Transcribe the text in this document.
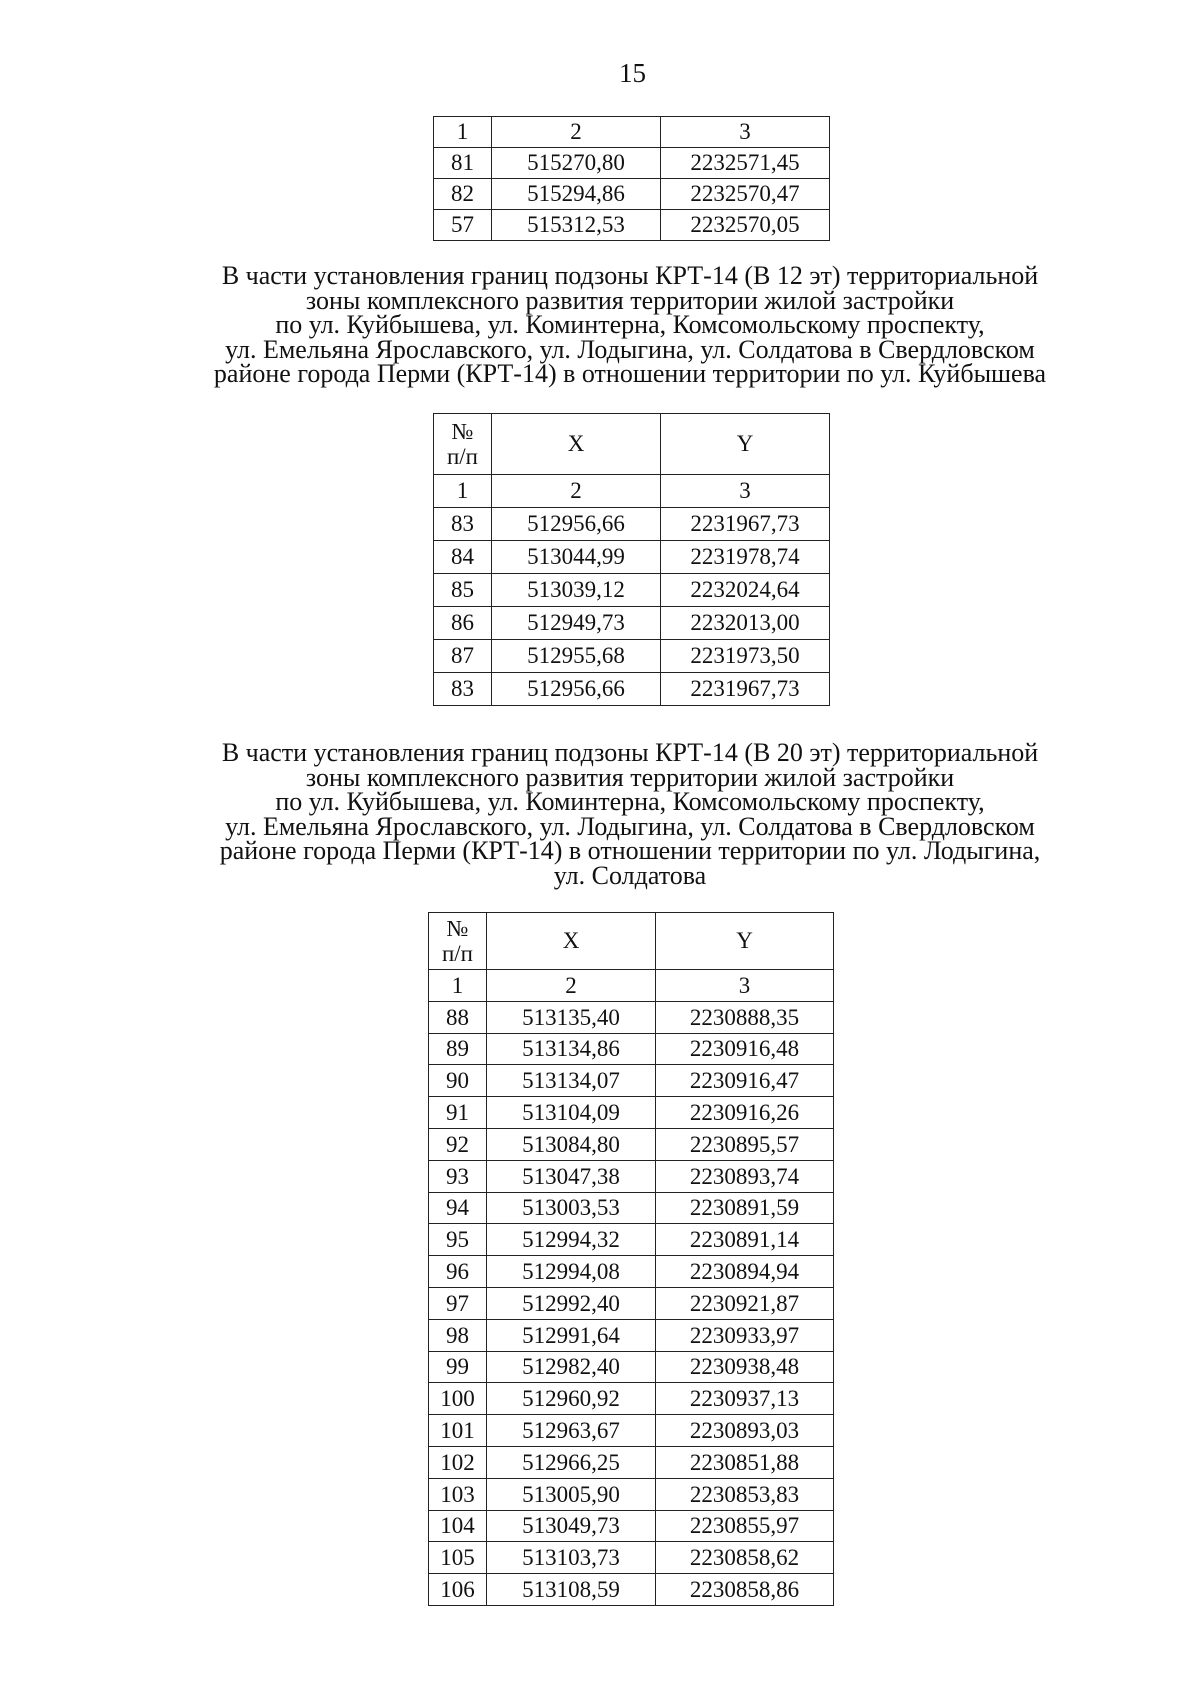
15
1	2	3
81	515270,80	2232571,45
82	515294,86	2232570,47
57	515312,53	2232570,05
В части установления границ подзоны КРТ-14 (В 12 эт) территориальной
зоны комплексного развития территории жилой застройки
по ул. Куйбышева, ул. Коминтерна, Комсомольскому проспекту,
ул. Емельяна Ярославского, ул. Лодыгина, ул. Солдатова в Свердловском
районе города Перми (КРТ-14) в отношении территории по ул. Куйбышева
№
п/п	X	Y
1	2	3
83	512956,66	2231967,73
84	513044,99	2231978,74
85	513039,12	2232024,64
86	512949,73	2232013,00
87	512955,68	2231973,50
83	512956,66	2231967,73
В части установления границ подзоны КРТ-14 (В 20 эт) территориальной
зоны комплексного развития территории жилой застройки
по ул. Куйбышева, ул. Коминтерна, Комсомольскому проспекту,
ул. Емельяна Ярославского, ул. Лодыгина, ул. Солдатова в Свердловском
районе города Перми (КРТ-14) в отношении территории по ул. Лодыгина,
ул. Солдатова
№
п/п	X	Y
1	2	3
88	513135,40	2230888,35
89	513134,86	2230916,48
90	513134,07	2230916,47
91	513104,09	2230916,26
92	513084,80	2230895,57
93	513047,38	2230893,74
94	513003,53	2230891,59
95	512994,32	2230891,14
96	512994,08	2230894,94
97	512992,40	2230921,87
98	512991,64	2230933,97
99	512982,40	2230938,48
100	512960,92	2230937,13
101	512963,67	2230893,03
102	512966,25	2230851,88
103	513005,90	2230853,83
104	513049,73	2230855,97
105	513103,73	2230858,62
106	513108,59	2230858,86
